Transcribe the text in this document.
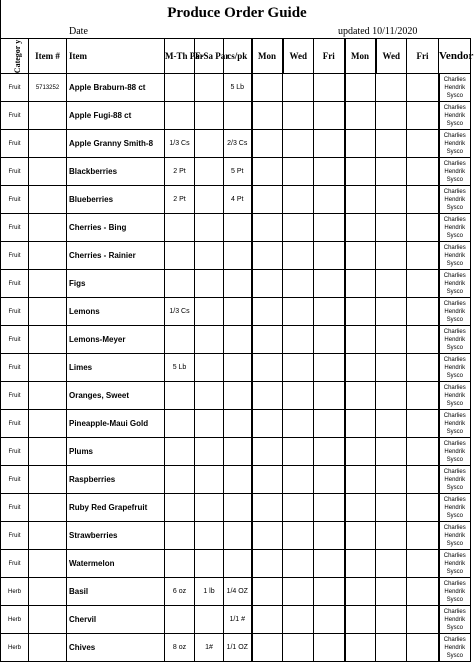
Produce Order Guide
Date	updated 10/11/2020
Categor y	Item #	Item	M-Th Par	F-Sa Par	cs/pk	Mon	Wed	Fri	Mon	Wed	Fri	Vendor
Fruit	5713252	Apple Braburn-88 ct			5 Lb							Charlies
Hendrik
Sysco

Fruit		Apple Fugi-88 ct										Charlies
Hendrik
Sysco

Fruit		Apple Granny Smith-8	1/3 Cs		2/3 Cs							Charlies
Hendrik
Sysco

Fruit		Blackberries	2 Pt		5 Pt							Charlies
Hendrik
Sysco

Fruit		Blueberries	2 Pt		4 Pt							Charlies
Hendrik
Sysco

Fruit		Cherries - Bing										Charlies
Hendrik
Sysco

Fruit		Cherries - Rainier										Charlies
Hendrik
Sysco

Fruit		Figs										Charlies
Hendrik
Sysco

Fruit		Lemons	1/3 Cs									Charlies
Hendrik
Sysco

Fruit		Lemons-Meyer										Charlies
Hendrik
Sysco

Fruit		Limes	5 Lb									Charlies
Hendrik
Sysco

Fruit		Oranges, Sweet										Charlies
Hendrik
Sysco

Fruit		Pineapple-Maui Gold										Charlies
Hendrik
Sysco

Fruit		Plums										Charlies
Hendrik
Sysco

Fruit		Raspberries										Charlies
Hendrik
Sysco

Fruit		Ruby Red Grapefruit										Charlies
Hendrik
Sysco

Fruit		Strawberries										Charlies
Hendrik
Sysco

Fruit		Watermelon										Charlies
Hendrik
Sysco

Herb		Basil	6 oz	1 lb	1/4 OZ							Charlies
Hendrik
Sysco

Herb		Chervil			1/1 #							Charlies
Hendrik
Sysco

Herb		Chives	8 oz	1#	1/1 OZ							Charlies
Hendrik
Sysco
